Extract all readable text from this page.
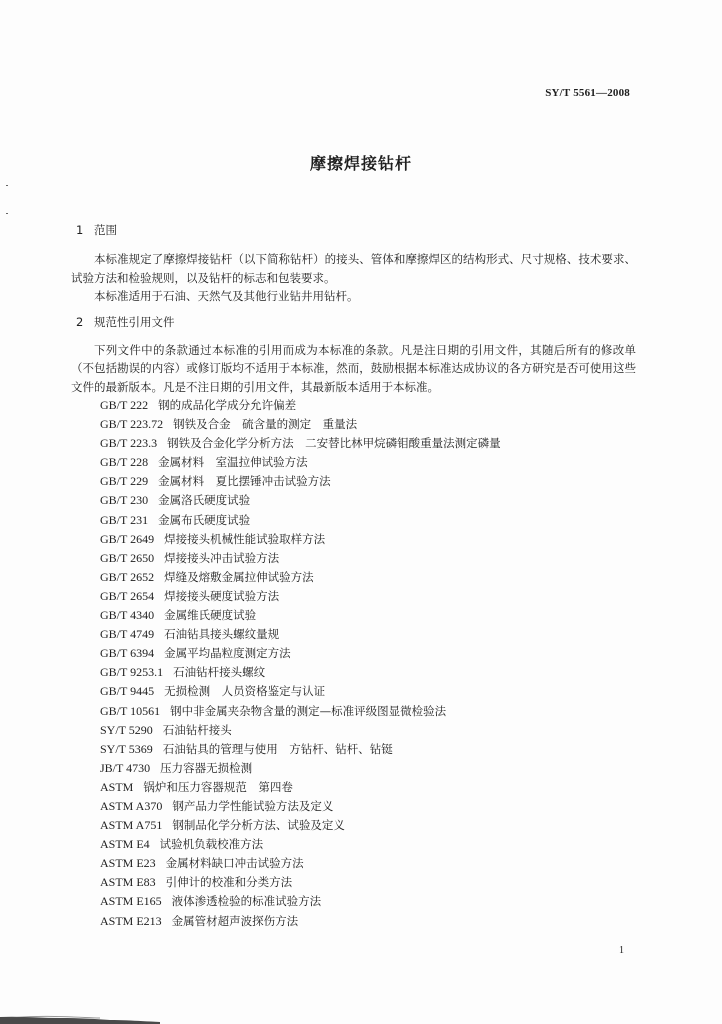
SY/T 5561—2008
摩擦焊接钻杆
1 范围

本标准规定了摩擦焊接钻杆（以下简称钻杆）的接头、管体和摩擦焊区的结构形式、尺寸规格、技术要求、试验方法和检验规则，以及钻杆的标志和包装要求。

本标准适用于石油、天然气及其他行业钻井用钻杆。

2 规范性引用文件

下列文件中的条款通过本标准的引用而成为本标准的条款。凡是注日期的引用文件，其随后所有的修改单（不包括勘误的内容）或修订版均不适用于本标准，然而，鼓励根据本标准达成协议的各方研究是否可使用这些文件的最新版本。凡是不注日期的引用文件，其最新版本适用于本标准。

GB/T 222 钢的成品化学成分允许偏差
GB/T 223.72 钢铁及合金　硫含量的测定　重量法
GB/T 223.3 钢铁及合金化学分析方法　二安替比林甲烷磷钼酸重量法测定磷量
GB/T 228 金属材料　室温拉伸试验方法
GB/T 229 金属材料　夏比摆锤冲击试验方法
GB/T 230 金属洛氏硬度试验
GB/T 231 金属布氏硬度试验
GB/T 2649 焊接接头机械性能试验取样方法
GB/T 2650 焊接接头冲击试验方法
GB/T 2652 焊缝及熔敷金属拉伸试验方法
GB/T 2654 焊接接头硬度试验方法
GB/T 4340 金属维氏硬度试验
GB/T 4749 石油钻具接头螺纹量规
GB/T 6394 金属平均晶粒度测定方法
GB/T 9253.1 石油钻杆接头螺纹
GB/T 9445 无损检测　人员资格鉴定与认证
GB/T 10561 钢中非金属夹杂物含量的测定—标准评级图显微检验法
SY/T 5290 石油钻杆接头
SY/T 5369 石油钻具的管理与使用　方钻杆、钻杆、钻铤
JB/T 4730 压力容器无损检测
ASTM 锅炉和压力容器规范　第四卷
ASTM A370 钢产品力学性能试验方法及定义
ASTM A751 钢制品化学分析方法、试验及定义
ASTM E4 试验机负载校准方法
ASTM E23 金属材料缺口冲击试验方法
ASTM E83 引伸计的校准和分类方法
ASTM E165 液体渗透检验的标准试验方法
ASTM E213 金属管材超声波探伤方法
1
